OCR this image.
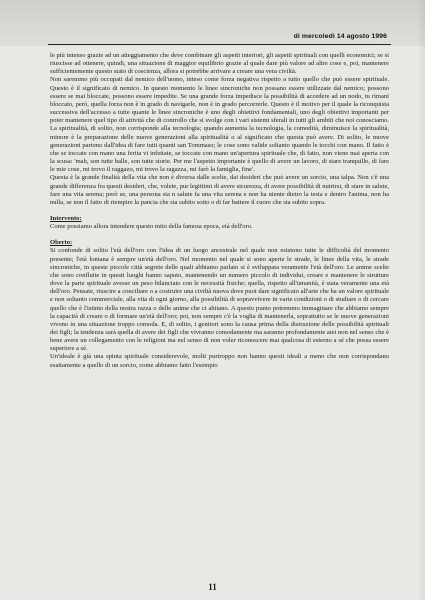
di mercoledì 14 agosto 1996

le più intenso grazie ad un atteggiamento che deve combinare gli aspetti interiori, gli aspetti spirituali con quelli economici; se si riuscisse ad ottenere, quindi, una situazione di maggior equilibrio grazie al quale dare più valore ad altre cose e, poi, mantenere sufficientemente questo stato di coscienza, allora si potrebbe arrivare a creare una vera civiltà.

Non saremmo più occupati dal nemico dell'uomo, inteso come forza negativa rispetto a tutto quello che può essere spirituale. Questo è il significato di nemico. In questo momento le linee sincroniche non possano essere utilizzate dal nemico; possono essere se mai bloccate, possono essere impedite. Se una grande forza impedisce la possibilità di accedere ad un nodo, tu rimani bloccato, però, quella forza non è in grado di navigarle, non è in grado percorrerle. Questo è il motivo per il quale la riconquista successiva dell'accesso a tutte quante le linee sincroniche è uno degli obiettivi fondamentali, uno degli obiettivi importanti per poter mantenere quel tipo di attività che di controllo che si svolge con i vari sistemi sferali in tutti gli ambiti che noi conosciamo. La spiritualità, di solito, non corrisponde alla tecnologia; quando aumenta la tecnologia, la comodità, diminuisce la spiritualità, minore è la preparazione delle nuove generazioni alla spiritualità o al significato che questa può avere. Di solito, le nuove generazioni partono dall'idea di fare tutti quanti san Tommaso; le cose sono valide soltanto quando le tocchi con mano. Il fatto è che se toccate con mano una ferita vi infettate, se toccate con mano un'apertura spirituale che, di fatto, non viene mai aperta con la scusa: 'mah, son tutte balle, son tutte storie. Per me l'aspetto importante è quello di avere un lavoro, di stare tranquillo, di fare le mie cose, mi trovo il raggazo, mi trovo la ragazza, mi farò la famiglia, fine'.

Questa è la grande finalità della vita che non è diversa dalle scelte, dai desideri che può avere un sorcio, una talpa. Non c'è una grande differenza fra questi desideri, che, volete, pur legittimi di avere sicurezza, di avere possibilità di nutrirsi, di stare in salute, fare una vita serena; però se, una persona sta n salute fa una vita serena e non ha niente dietro la testa e dentro l'anima, non ha nulla, se non il fatto di riempire la pancia che sta subito sotto o di far battere il cuore che sta subito sopra.

Intervento:
Come possiamo allora intendere questo mito della famosa epoca, età dell'oro.

Oberto:
Si confonde di solito l'età dell'oro con l'idea di un luogo ancestrale nel quale non esistono tutte le difficoltà del momento presente; l'età lontana è sempre un'età dell'oro. Nel momento nel quale si sono aperte le strade, le linee della vita, le strade sincroniche, in queste piccole città segrete delle quali abbiamo parlato si è sviluppata veramente l'età dell'oro. Le anime scelte che sono confluite in questi luoghi hanno saputo, mantenendo un numero piccolo di individui, creare e mantenere le strutture dove la parte spirituale avesse un peso bilanciato con le necessità fisiche; quella, rispetto all'umanità, è stata veramente una età dell'oro. Pensate, riuscire a conciliare o a costruire una civiltà nuova dove puoi dare significato all'arte che ha un valore spirituale e non soltanto commerciale, alla vita di ogni giorno, alla possibilità di sopravvivere in varie condizioni o di studiare o di cercare quello che è l'istinto della nostra razza o delle anime che ci abitano. A questo punto potremmo immaginare che abbiamo sempre la capacità di creare o di formare un'età dell'oro; poi, non sempre c'è la voglia di mantenerla, soprattutto se le nuove generazioni vivono in una situazione troppo comoda. E, di solito, i genitori sono la causa prima della distruzione delle possibilità spirituali dei figli; la tendenza sarà quella di avere dei figli che vivranno comodamente ma saranno profondamente atei non nel senso che è bene avere un collegamento con le religioni ma nel senso di non voler riconoscere mai qualcosa di esterno a sé che possa essere superiore a sé.

Un'ideale è già una spinta spirituale considerevole, molti purtroppo non hanno questi ideali a meno che non corrispondano esattamente a quello di un sorcio, come abbiamo fatto l'esempio

11
